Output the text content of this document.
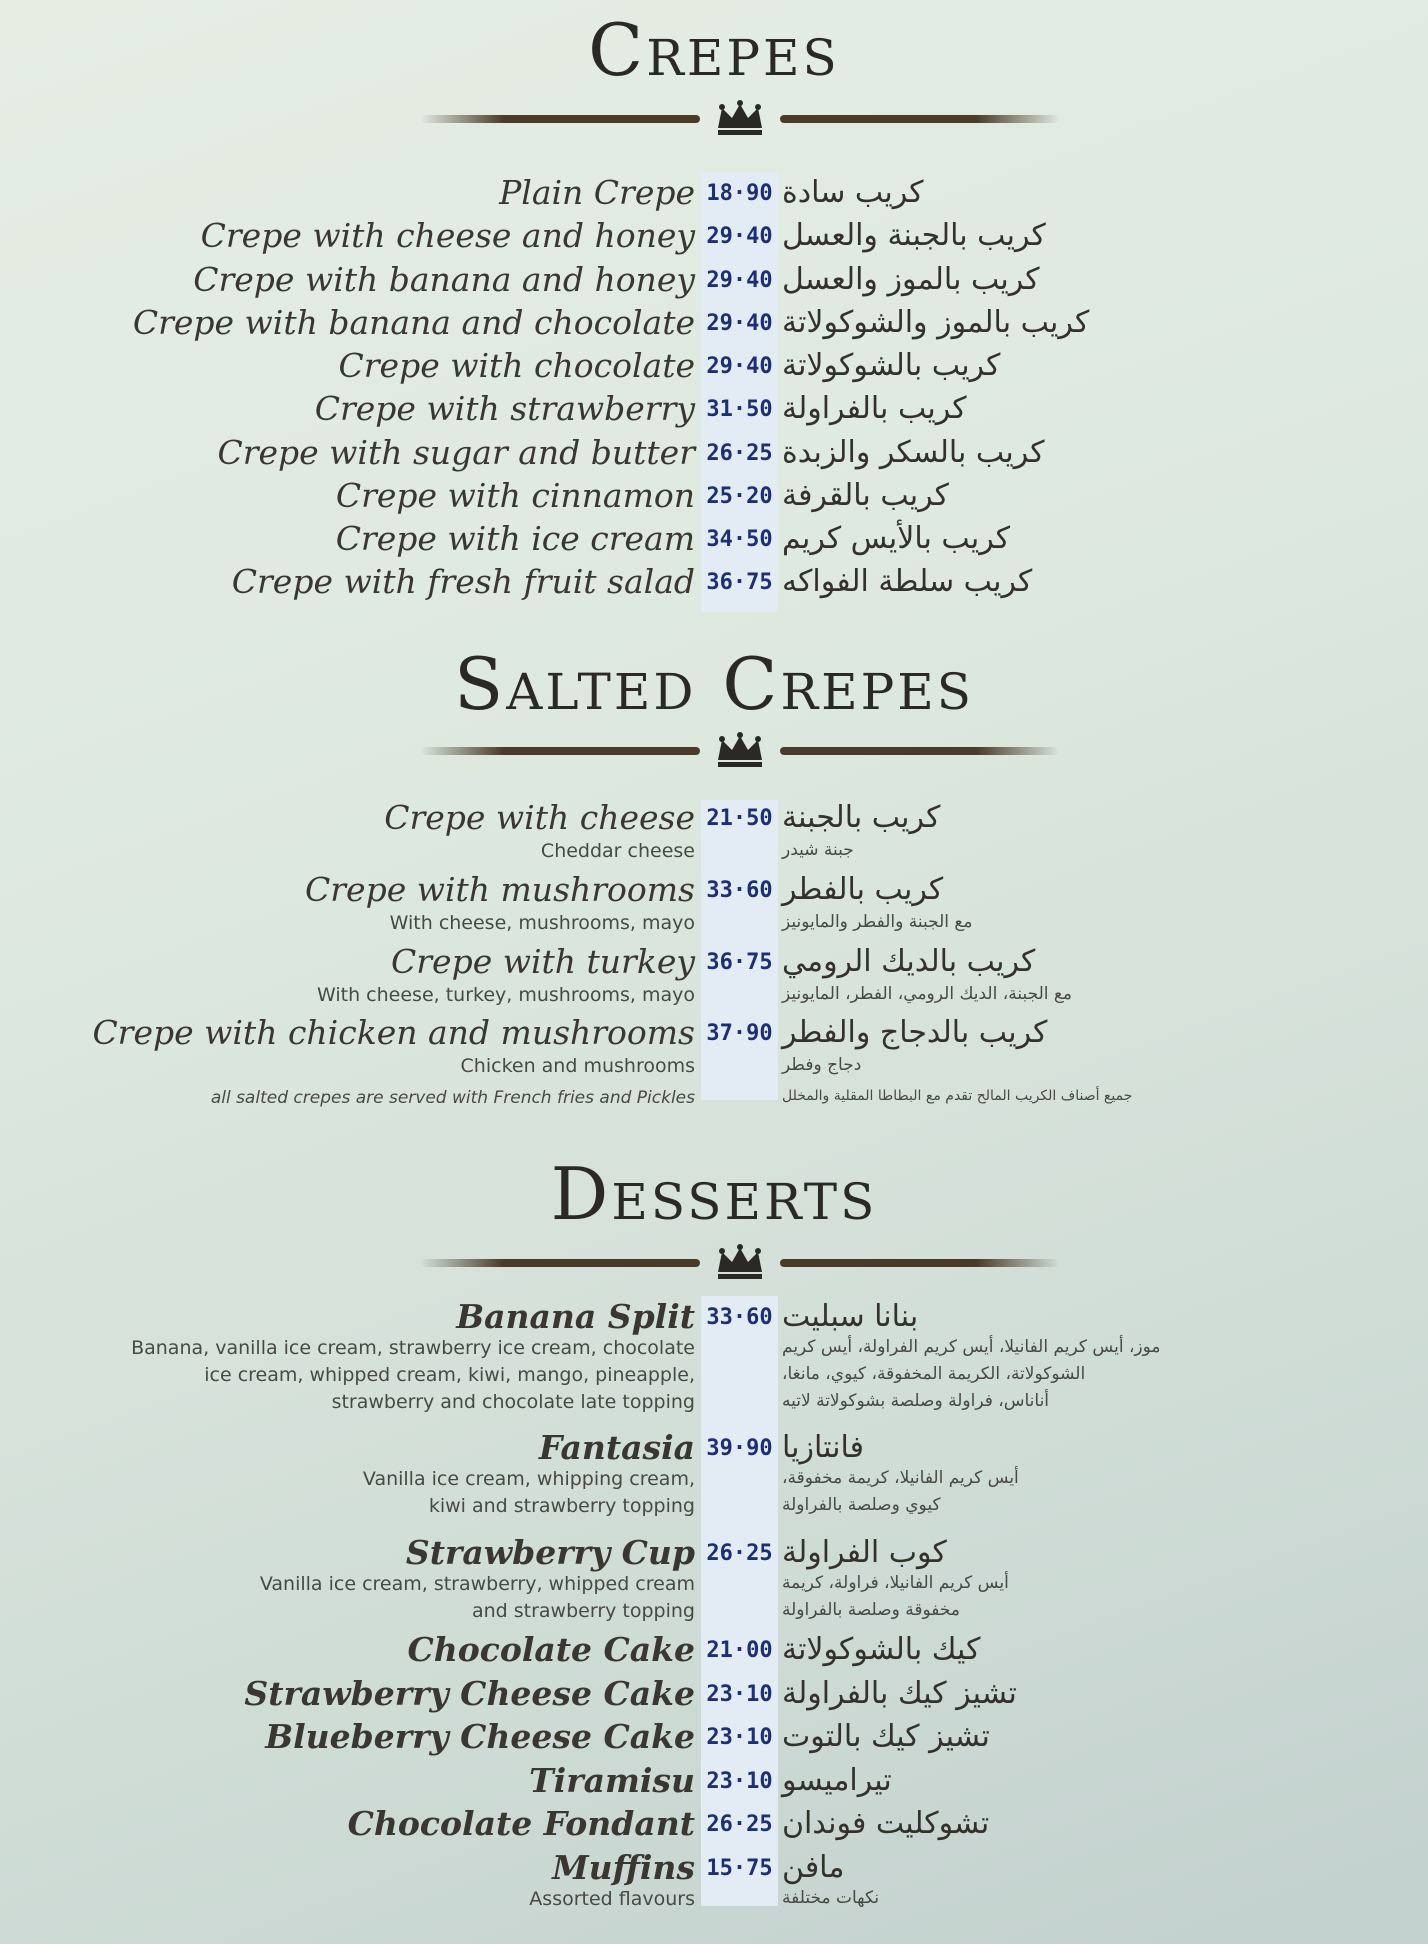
Crepes
Salted Crepes
Desserts
Plain Crepe 18·90 كريب سادة
Crepe with cheese and honey 29·40 كريب بالجبنة والعسل
Crepe with banana and honey 29·40 كريب بالموز والعسل
Crepe with banana and chocolate 29·40 كريب بالموز والشوكولاتة
Crepe with chocolate 29·40 كريب بالشوكولاتة
Crepe with strawberry 31·50 كريب بالفراولة
Crepe with sugar and butter 26·25 كريب بالسكر والزبدة
Crepe with cinnamon 25·20 كريب بالقرفة
Crepe with ice cream 34·50 كريب بالأيس كريم
Crepe with fresh fruit salad 36·75 كريب سلطة الفواكه
Crepe with cheese 21·50 كريب بالجبنة
Cheddar cheese	جبنة شيدر
Crepe with mushrooms 33·60 كريب بالفطر
With cheese, mushrooms, mayo	مع الجبنة والفطر والمايونيز
Crepe with turkey 36·75 كريب بالديك الرومي
With cheese, turkey, mushrooms, mayo	مع الجبنة، الديك الرومي، الفطر، المايونيز
Crepe with chicken and mushrooms 37·90 كريب بالدجاج والفطر
Chicken and mushrooms	دجاج وفطر
all salted crepes are served with French fries and Pickles	جميع أصناف الكريب المالح تقدم مع البطاطا المقلية والمخلل
Banana Split 33·60 بنانا سبليت
Banana, vanilla ice cream, strawberry ice cream, chocolate	موز، أيس كريم الفانيلا، أيس كريم الفراولة، أيس كريم
ice cream, whipped cream, kiwi, mango, pineapple,	الشوكولاتة، الكريمة المخفوقة، كيوي، مانغا،
strawberry and chocolate late topping	أناناس، فراولة وصلصة بشوكولاتة لاتيه
Fantasia 39·90 فانتازيا
Vanilla ice cream, whipping cream,	أيس كريم الفانيلا، كريمة مخفوقة،
kiwi and strawberry topping	كيوي وصلصة بالفراولة
Strawberry Cup 26·25 كوب الفراولة
Vanilla ice cream, strawberry, whipped cream	أيس كريم الفانيلا، فراولة، كريمة
and strawberry topping	مخفوقة وصلصة بالفراولة
Chocolate Cake 21·00 كيك بالشوكولاتة
Strawberry Cheese Cake 23·10 تشيز كيك بالفراولة
Blueberry Cheese Cake 23·10 تشيز كيك بالتوت
Tiramisu 23·10 تيراميسو
Chocolate Fondant 26·25 تشوكليت فوندان
Muffins 15·75 مافن
Assorted flavours	نكهات مختلفة
